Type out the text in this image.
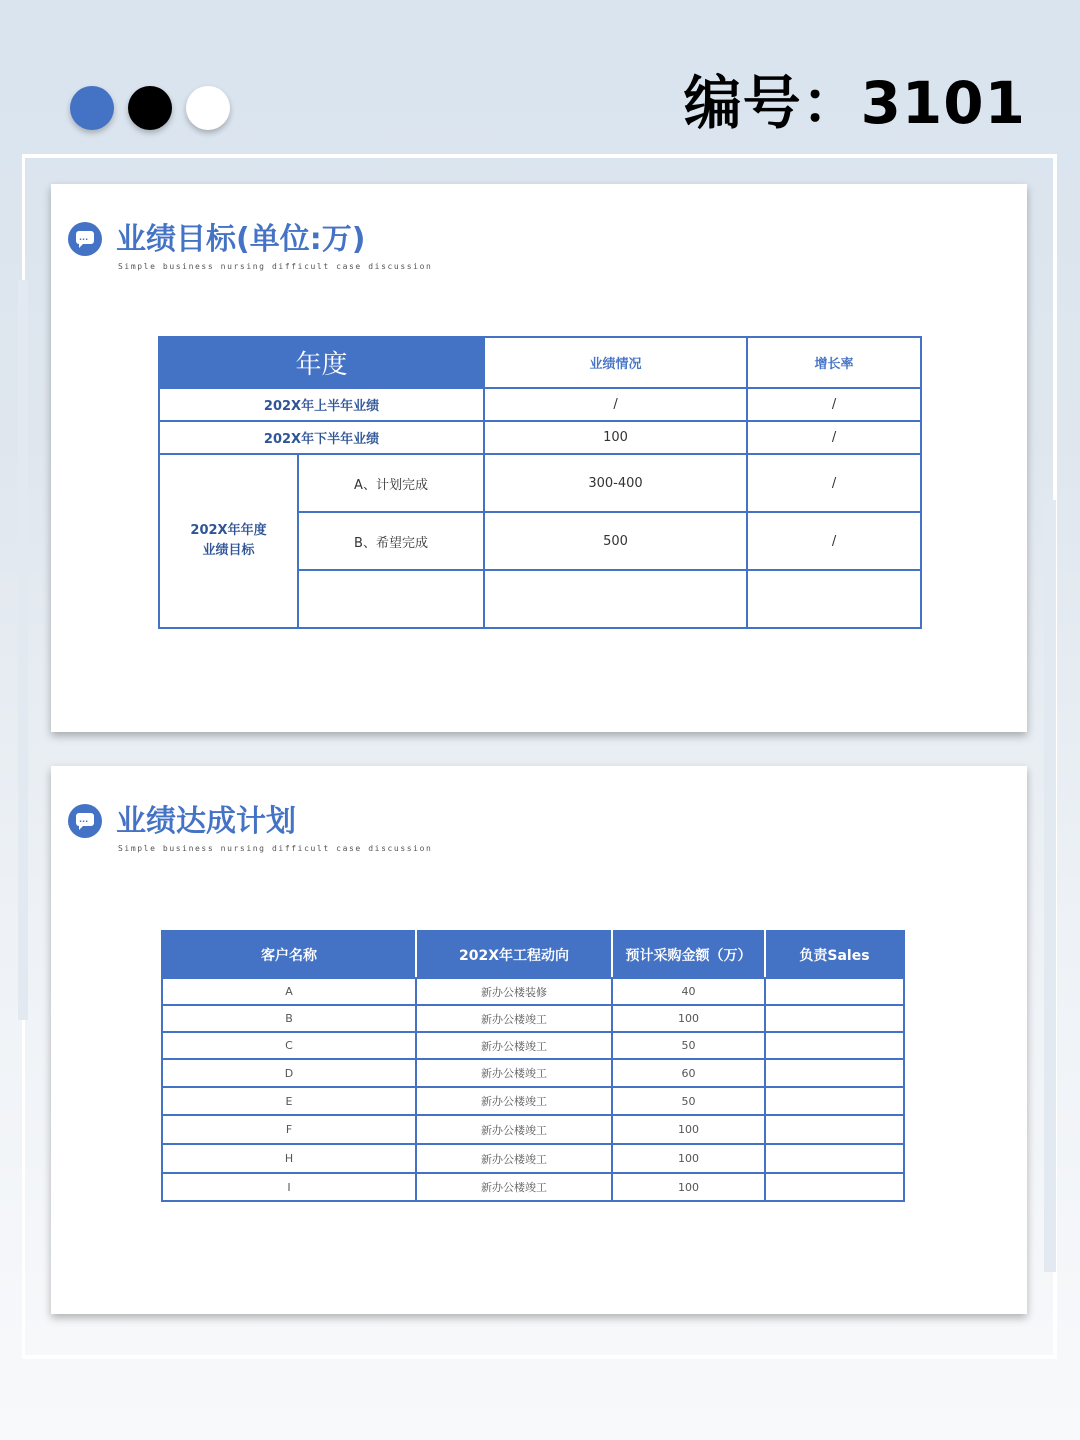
编号：3101
··· 业绩目标(单位:万)
Simple business nursing difficult case discussion
年度		业绩情况	增长率
202X年上半年业绩		/	/
202X年下半年业绩		100	/

202X年年度
业绩目标	A、计划完成	300-400	/
	B、希望完成	500	/

··· 业绩达成计划
Simple business nursing difficult case discussion
客户名称	202X年工程动向	预计采购金额（万）	负责Sales
A	新办公楼装修	40	
B	新办公楼竣工	100	
C	新办公楼竣工	50	
D	新办公楼竣工	60	
E	新办公楼竣工	50	
F	新办公楼竣工	100	
H	新办公楼竣工	100	
I	新办公楼竣工	100	
